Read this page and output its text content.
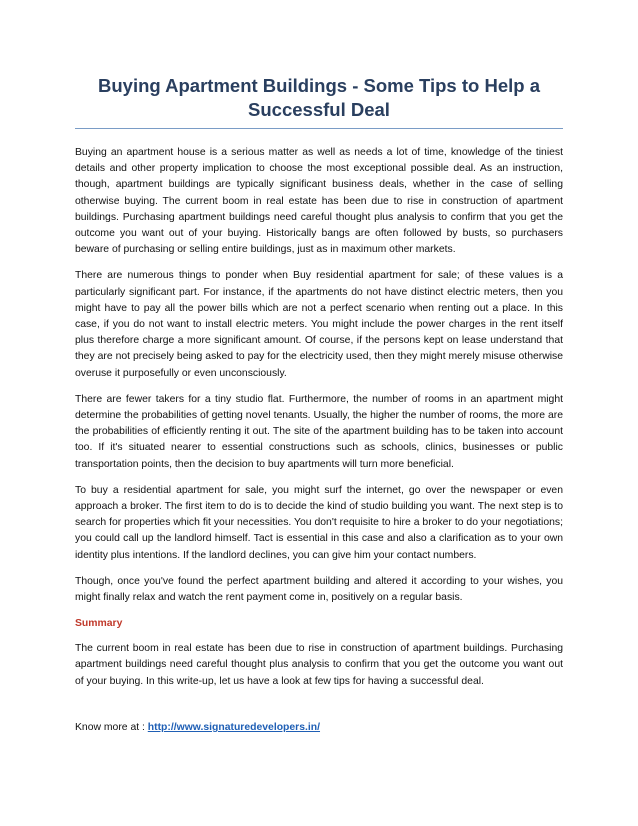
Buying Apartment Buildings - Some Tips to Help a Successful Deal

Buying an apartment house is a serious matter as well as needs a lot of time, knowledge of the tiniest details and other property implication to choose the most exceptional possible deal. As an instruction, though, apartment buildings are typically significant business deals, whether in the case of selling otherwise buying. The current boom in real estate has been due to rise in construction of apartment buildings. Purchasing apartment buildings need careful thought plus analysis to confirm that you get the outcome you want out of your buying. Historically bangs are often followed by busts, so purchasers beware of purchasing or selling entire buildings, just as in maximum other markets.

There are numerous things to ponder when Buy residential apartment for sale; of these values is a particularly significant part. For instance, if the apartments do not have distinct electric meters, then you might have to pay all the power bills which are not a perfect scenario when renting out a place. In this case, if you do not want to install electric meters. You might include the power charges in the rent itself plus therefore charge a more significant amount. Of course, if the persons kept on lease understand that they are not precisely being asked to pay for the electricity used, then they might merely misuse otherwise overuse it purposefully or even unconsciously.

There are fewer takers for a tiny studio flat. Furthermore, the number of rooms in an apartment might determine the probabilities of getting novel tenants. Usually, the higher the number of rooms, the more are the probabilities of efficiently renting it out. The site of the apartment building has to be taken into account too. If it's situated nearer to essential constructions such as schools, clinics, businesses or public transportation points, then the decision to buy apartments will turn more beneficial.

To buy a residential apartment for sale, you might surf the internet, go over the newspaper or even approach a broker. The first item to do is to decide the kind of studio building you want. The next step is to search for properties which fit your necessities. You don't requisite to hire a broker to do your negotiations; you could call up the landlord himself. Tact is essential in this case and also a clarification as to your own identity plus intentions. If the landlord declines, you can give him your contact numbers.

Though, once you've found the perfect apartment building and altered it according to your wishes, you might finally relax and watch the rent payment come in, positively on a regular basis.

Summary

The current boom in real estate has been due to rise in construction of apartment buildings. Purchasing apartment buildings need careful thought plus analysis to confirm that you get the outcome you want out of your buying. In this write-up, let us have a look at few tips for having a successful deal.

Know more at : http://www.signaturedevelopers.in/
